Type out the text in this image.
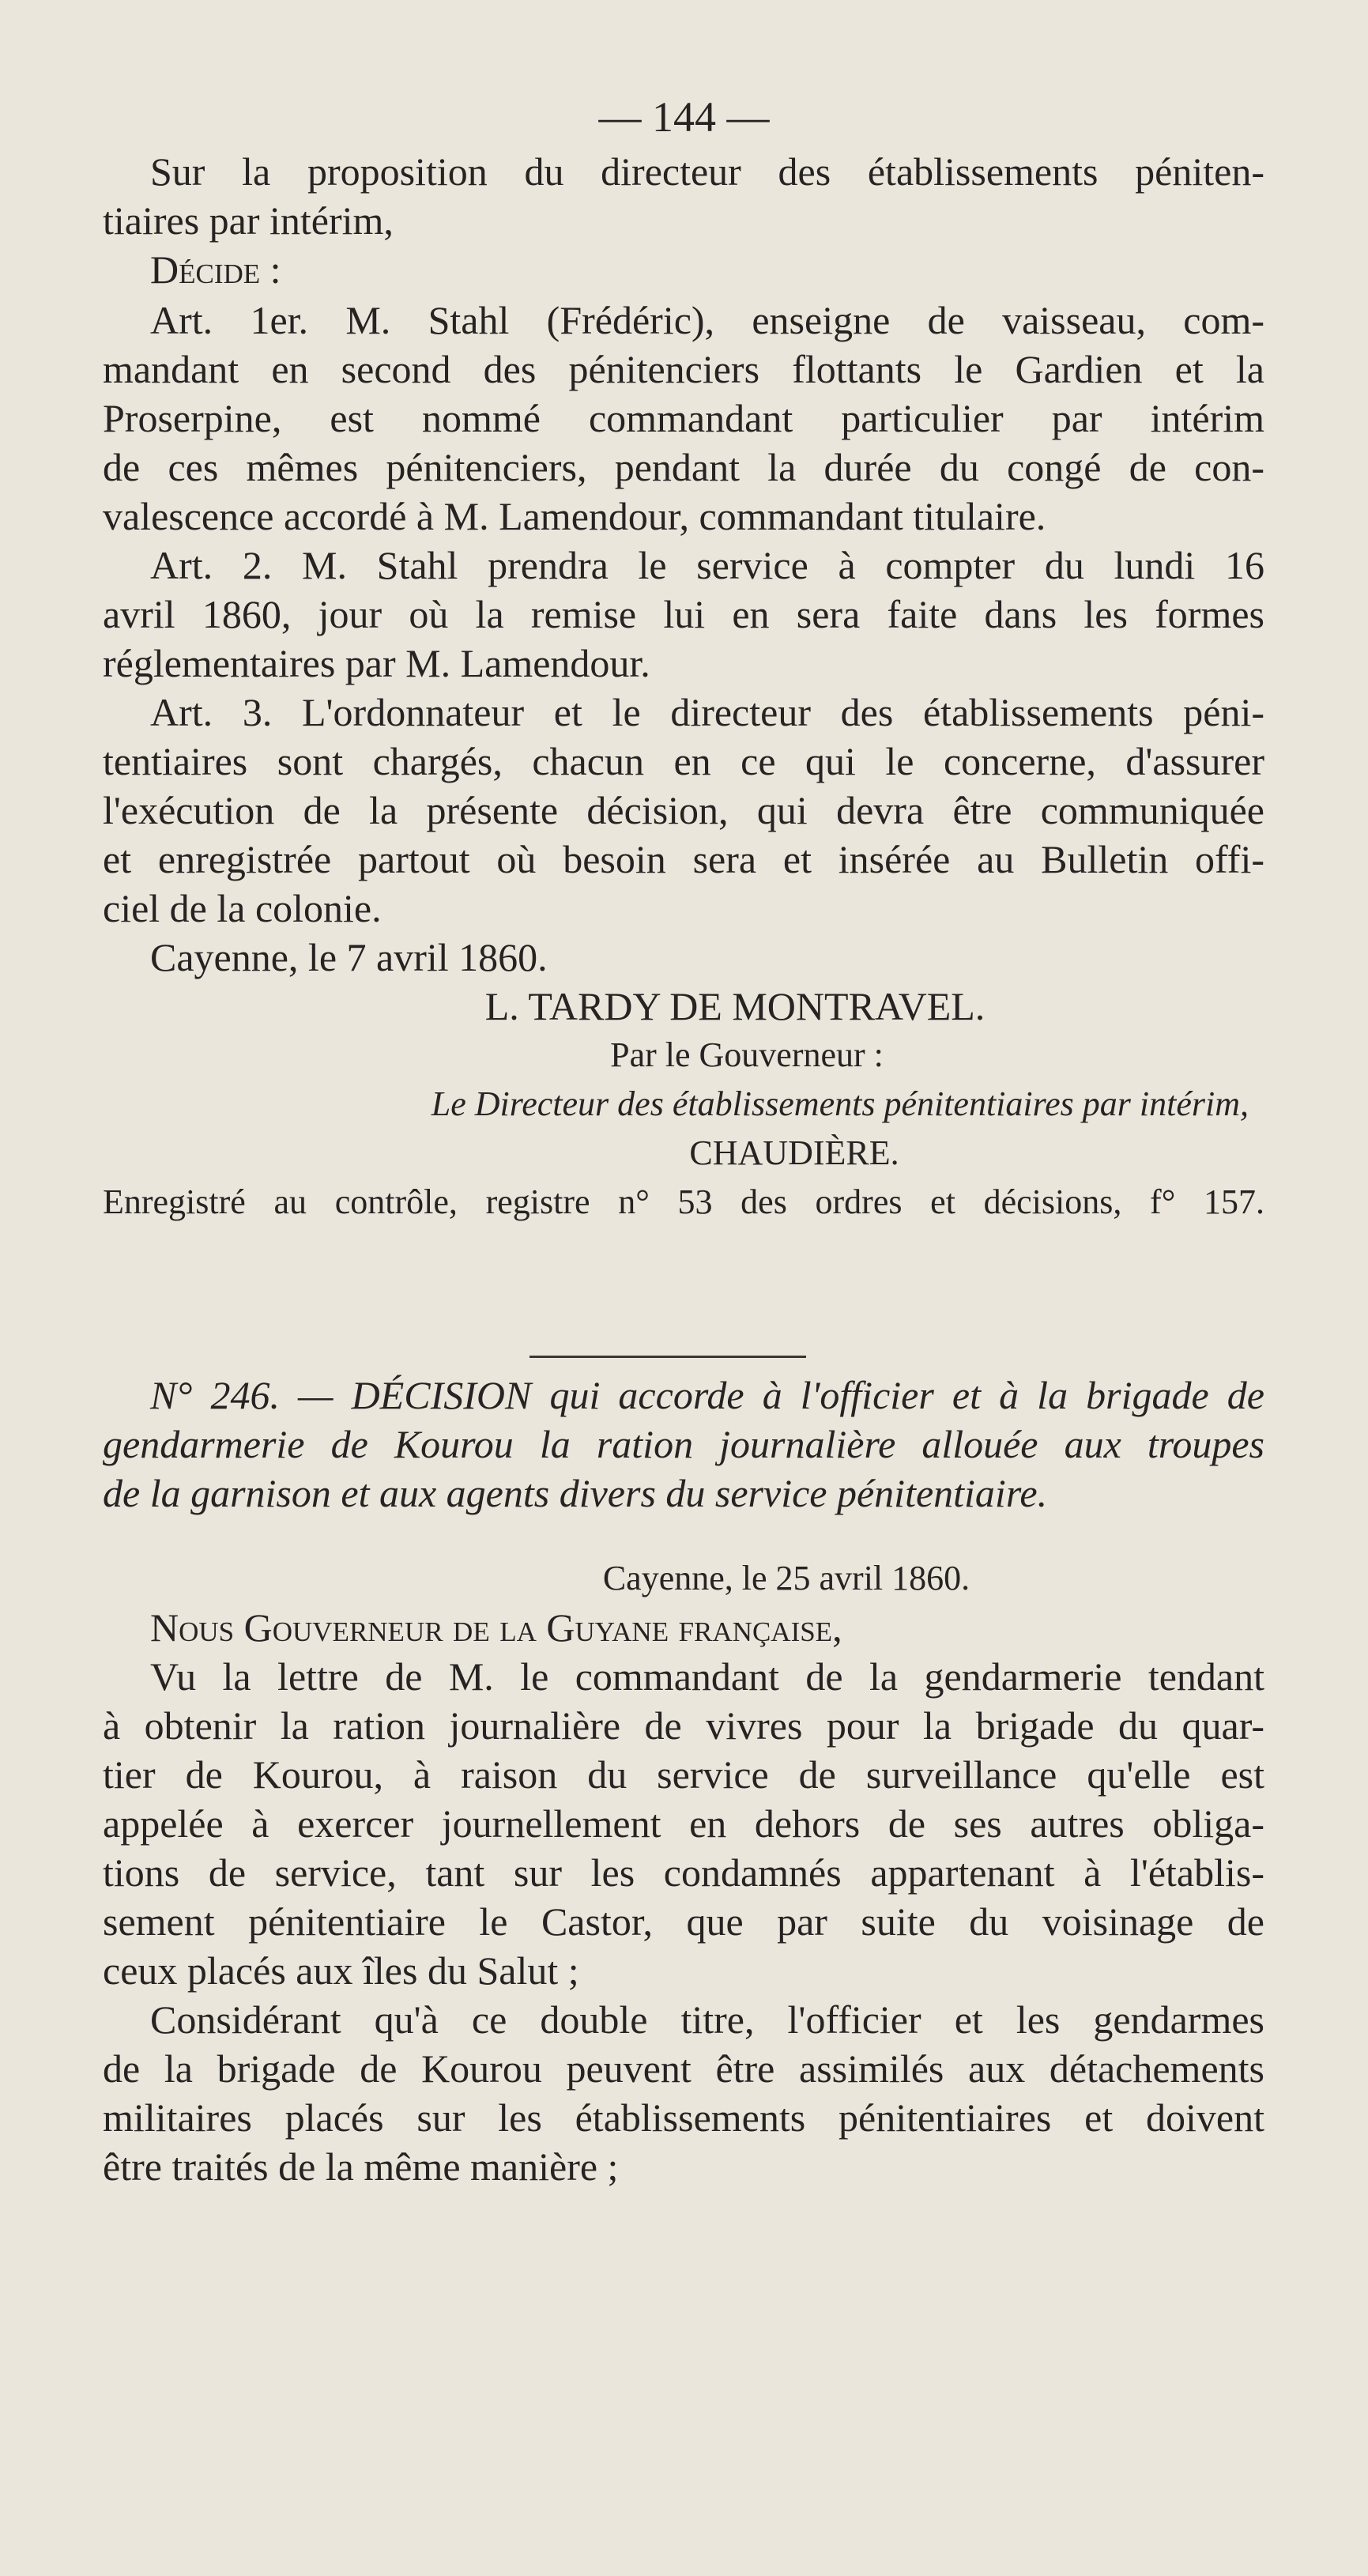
— 144 —
Sur la proposition du directeur des établissements péniten-
tiaires par intérim,
Décide :
Art. 1er. M. Stahl (Frédéric), enseigne de vaisseau, com-
mandant en second des pénitenciers flottants le Gardien et la
Proserpine, est nommé commandant particulier par intérim
de ces mêmes pénitenciers, pendant la durée du congé de con-
valescence accordé à M. Lamendour, commandant titulaire.
Art. 2. M. Stahl prendra le service à compter du lundi 16
avril 1860, jour où la remise lui en sera faite dans les formes
réglementaires par M. Lamendour.
Art. 3. L'ordonnateur et le directeur des établissements péni-
tentiaires sont chargés, chacun en ce qui le concerne, d'assurer
l'exécution de la présente décision, qui devra être communiquée
et enregistrée partout où besoin sera et insérée au Bulletin offi-
ciel de la colonie.
Cayenne, le 7 avril 1860.
L. TARDY DE MONTRAVEL.
Par le Gouverneur :
Le Directeur des établissements pénitentiaires par intérim,
CHAUDIÈRE.
Enregistré au contrôle, registre n° 53 des ordres et décisions, f° 157.
N° 246. — DÉCISION qui accorde à l'officier et à la brigade de
gendarmerie de Kourou la ration journalière allouée aux troupes
de la garnison et aux agents divers du service pénitentiaire.
Cayenne, le 25 avril 1860.
Nous Gouverneur de la Guyane française,
Vu la lettre de M. le commandant de la gendarmerie tendant
à obtenir la ration journalière de vivres pour la brigade du quar-
tier de Kourou, à raison du service de surveillance qu'elle est
appelée à exercer journellement en dehors de ses autres obliga-
tions de service, tant sur les condamnés appartenant à l'établis-
sement pénitentiaire le Castor, que par suite du voisinage de
ceux placés aux îles du Salut ;
Considérant qu'à ce double titre, l'officier et les gendarmes
de la brigade de Kourou peuvent être assimilés aux détachements
militaires placés sur les établissements pénitentiaires et doivent
être traités de la même manière ;
